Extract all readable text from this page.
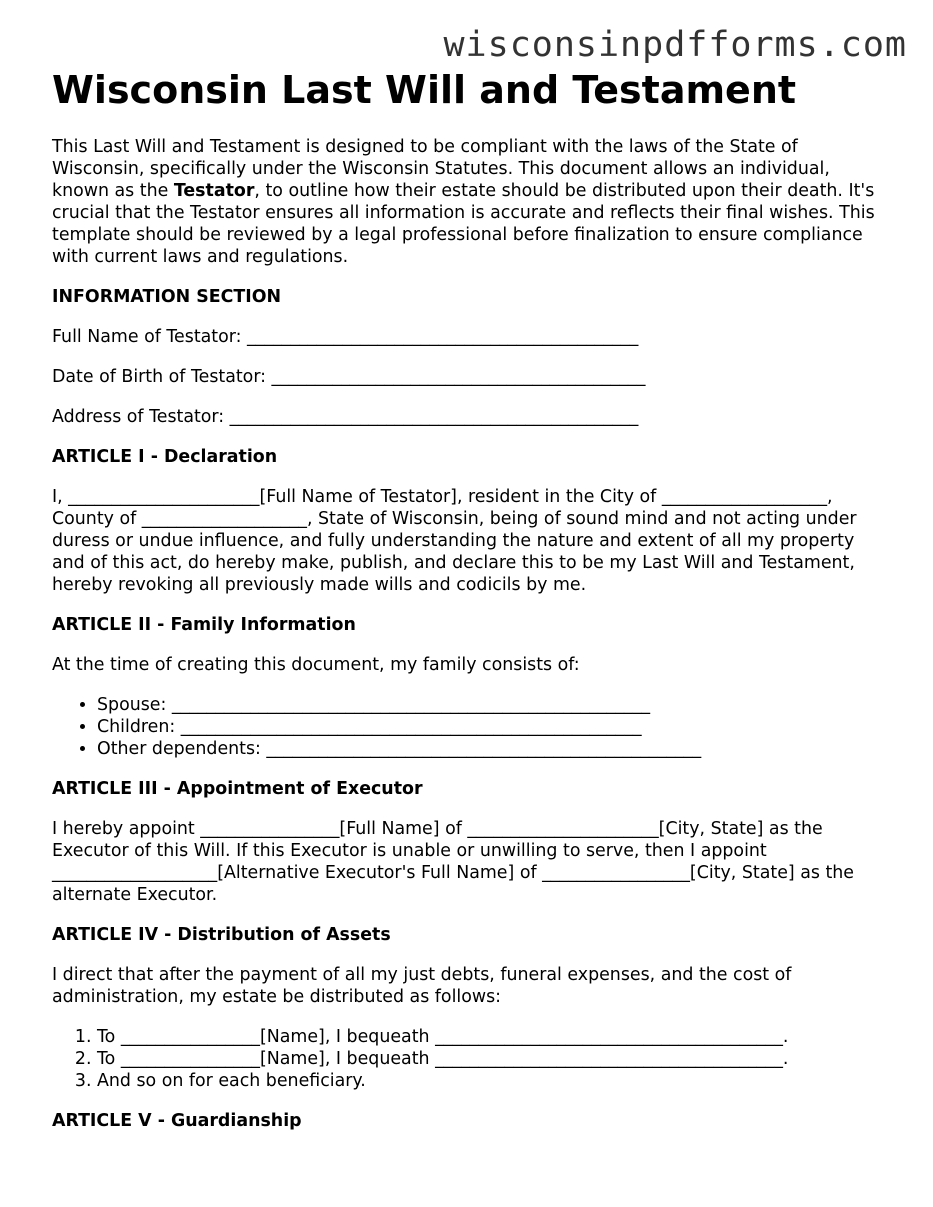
wisconsinpdfforms.com
Wisconsin Last Will and Testament

This Last Will and Testament is designed to be compliant with the laws of the State of Wisconsin, specifically under the Wisconsin Statutes. This document allows an individual, known as the Testator, to outline how their estate should be distributed upon their death. It's crucial that the Testator ensures all information is accurate and reflects their final wishes. This template should be reviewed by a legal professional before finalization to ensure compliance with current laws and regulations.

INFORMATION SECTION

Full Name of Testator: _____________________________________________

Date of Birth of Testator: ___________________________________________

Address of Testator: _______________________________________________

ARTICLE I - Declaration

I, ______________________[Full Name of Testator], resident in the City of ___________________, County of ___________________, State of Wisconsin, being of sound mind and not acting under duress or undue influence, and fully understanding the nature and extent of all my property and of this act, do hereby make, publish, and declare this to be my Last Will and Testament, hereby revoking all previously made wills and codicils by me.

ARTICLE II - Family Information

At the time of creating this document, my family consists of:

• Spouse: _______________________________________________________
• Children: _____________________________________________________
• Other dependents: __________________________________________________

ARTICLE III - Appointment of Executor

I hereby appoint ________________[Full Name] of ______________________[City, State] as the Executor of this Will. If this Executor is unable or unwilling to serve, then I appoint ___________________[Alternative Executor's Full Name] of _________________[City, State] as the alternate Executor.

ARTICLE IV - Distribution of Assets

I direct that after the payment of all my just debts, funeral expenses, and the cost of administration, my estate be distributed as follows:

1. To ________________[Name], I bequeath ________________________________________.
2. To ________________[Name], I bequeath ________________________________________.
3. And so on for each beneficiary.

ARTICLE V - Guardianship
